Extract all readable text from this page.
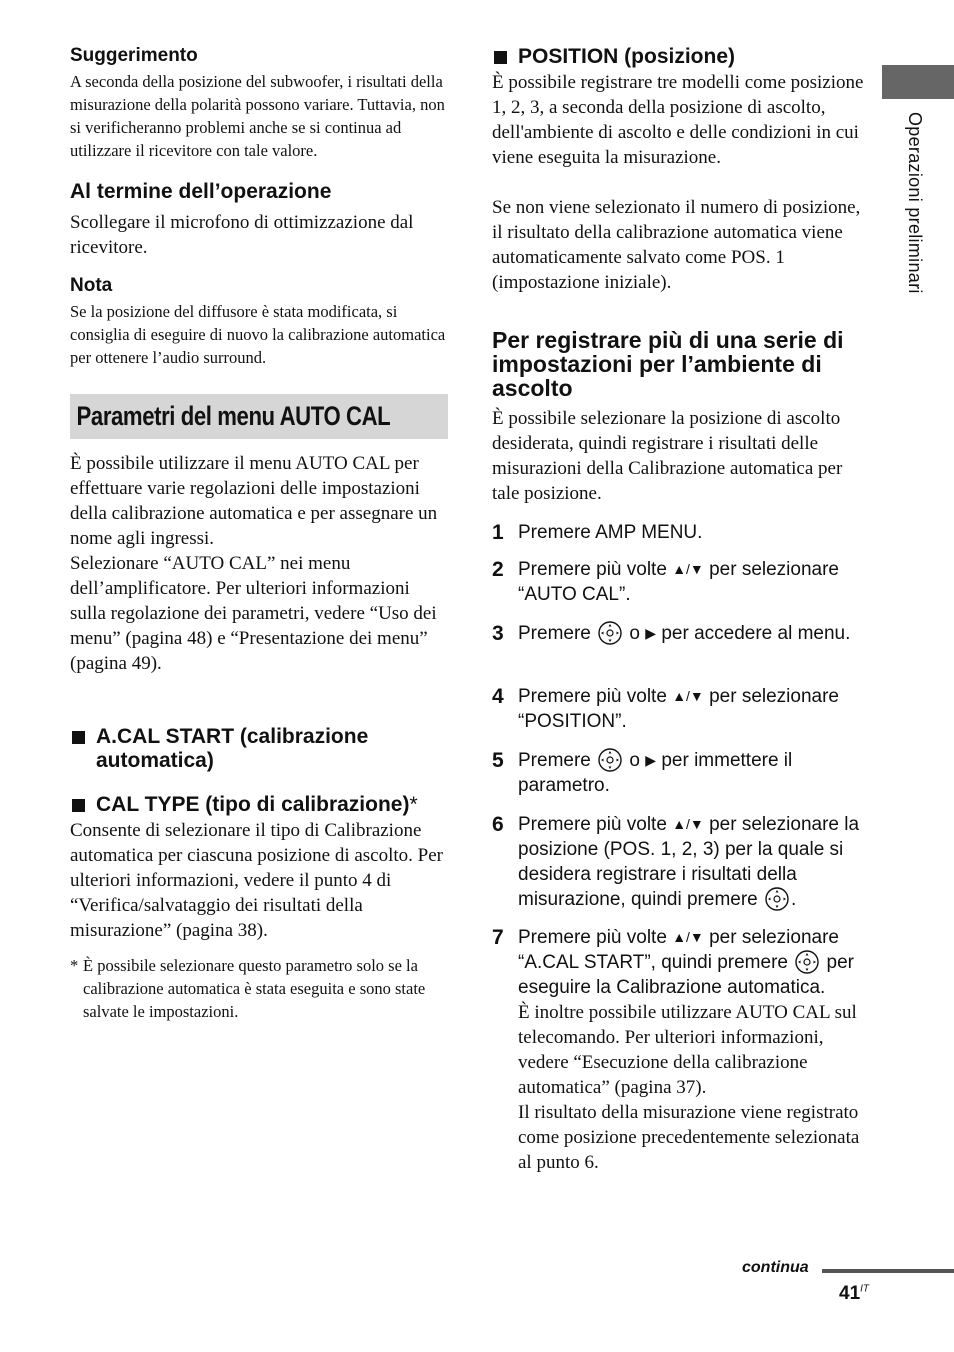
Suggerimento

A seconda della posizione del subwoofer, i risultati della misurazione della polarità possono variare. Tuttavia, non si verificheranno problemi anche se si continua ad utilizzare il ricevitore con tale valore.

Al termine dell’operazione

Scollegare il microfono di ottimizzazione dal ricevitore.

Nota

Se la posizione del diffusore è stata modificata, si consiglia di eseguire di nuovo la calibrazione automatica per ottenere l’audio surround.

Parametri del menu AUTO CAL

È possibile utilizzare il menu AUTO CAL per effettuare varie regolazioni delle impostazioni della calibrazione automatica e per assegnare un nome agli ingressi.

Selezionare “AUTO CAL” nei menu dell’amplificatore. Per ulteriori informazioni sulla regolazione dei parametri, vedere “Uso dei menu” (pagina 48) e “Presentazione dei menu” (pagina 49).

A.CAL START (calibrazione automatica)
CAL TYPE (tipo di calibrazione)*

Consente di selezionare il tipo di Calibrazione automatica per ciascuna posizione di ascolto. Per ulteriori informazioni, vedere il punto 4 di “Verifica/salvataggio dei risultati della misurazione” (pagina 38).

* È possibile selezionare questo parametro solo se la calibrazione automatica è stata eseguita e sono state salvate le impostazioni.

POSITION (posizione)

È possibile registrare tre modelli come posizione 1, 2, 3, a seconda della posizione di ascolto, dell'ambiente di ascolto e delle condizioni in cui viene eseguita la misurazione.

Se non viene selezionato il numero di posizione, il risultato della calibrazione automatica viene automaticamente salvato come POS. 1 (impostazione iniziale).

Per registrare più di una serie di impostazioni per l’ambiente di ascolto

È possibile selezionare la posizione di ascolto desiderata, quindi registrare i risultati delle misurazioni della Calibrazione automatica per tale posizione.

1 Premere AMP MENU.
2 Premere più volte ▲/▼ per selezionare “AUTO CAL”.
3 Premere  o ▶ per accedere al menu.
4 Premere più volte ▲/▼ per selezionare “POSITION”.
5 Premere  o ▶ per immettere il parametro.
6 Premere più volte ▲/▼ per selezionare la posizione (POS. 1, 2, 3) per la quale si desidera registrare i risultati della misurazione, quindi premere .
7 Premere più volte ▲/▼ per selezionare “A.CAL START”, quindi premere  per eseguire la Calibrazione automatica.
È inoltre possibile utilizzare AUTO CAL sul telecomando. Per ulteriori informazioni, vedere “Esecuzione della calibrazione automatica” (pagina 37).
Il risultato della misurazione viene registrato come posizione precedentemente selezionata al punto 6.
Operazioni preliminari
continua
$41^{IT}$
